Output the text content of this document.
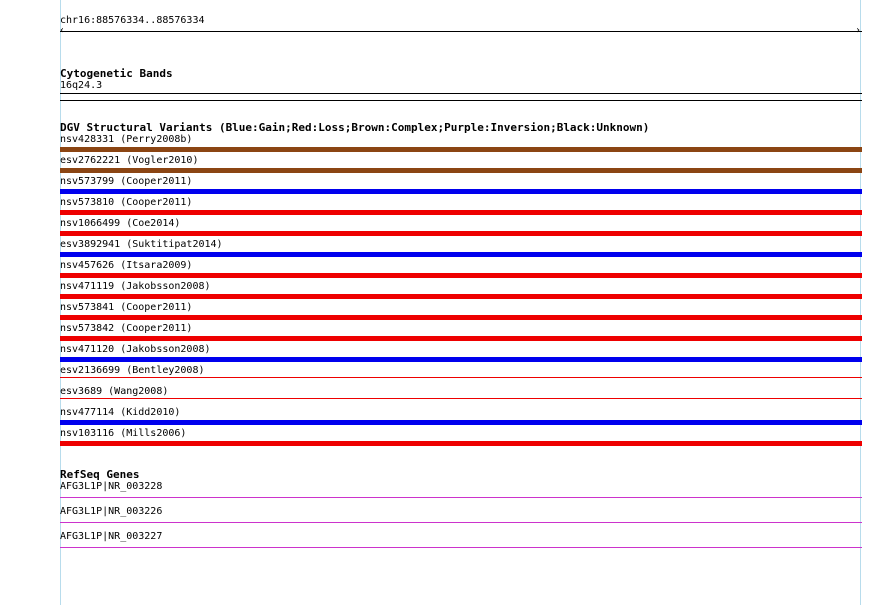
chr16:88576334..88576334
‹	›
Cytogenetic Bands
16q24.3
DGV Structural Variants (Blue:Gain;Red:Loss;Brown:Complex;Purple:Inversion;Black:Unknown)
nsv428331 (Perry2008b)
esv2762221 (Vogler2010)
nsv573799 (Cooper2011)
nsv573810 (Cooper2011)
nsv1066499 (Coe2014)
esv3892941 (Suktitipat2014)
nsv457626 (Itsara2009)
nsv471119 (Jakobsson2008)
nsv573841 (Cooper2011)
nsv573842 (Cooper2011)
nsv471120 (Jakobsson2008)
esv2136699 (Bentley2008)
esv3689 (Wang2008)
nsv477114 (Kidd2010)
nsv103116 (Mills2006)
RefSeq Genes
AFG3L1P|NR_003228
AFG3L1P|NR_003226
AFG3L1P|NR_003227
